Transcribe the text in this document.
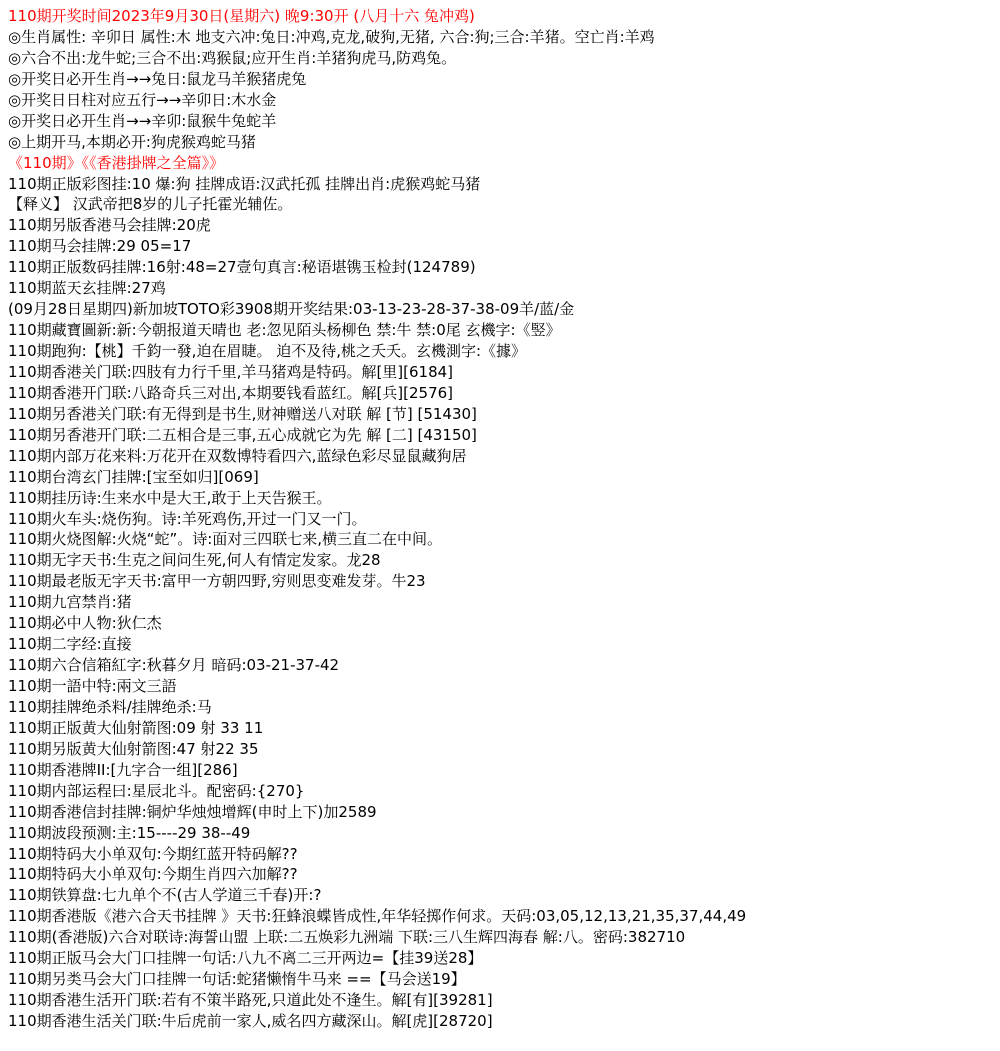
110期开奖时间2023年9月30日(星期六) 晚9:30开 (八月十六 兔冲鸡)
◎生肖属性: 辛卯日 属性:木 地支六冲:兔日:冲鸡,克龙,破狗,无猪, 六合:狗;三合:羊猪。空亡肖:羊鸡
◎六合不出:龙牛蛇;三合不出:鸡猴鼠;应开生肖:羊猪狗虎马,防鸡兔。
◎开奖日必开生肖→→兔日:鼠龙马羊猴猪虎兔
◎开奖日日柱对应五行→→辛卯日:木水金
◎开奖日必开生肖→→辛卯:鼠猴牛兔蛇羊
◎上期开马,本期必开:狗虎猴鸡蛇马猪
《110期》《《香港掛牌之全篇》》
110期正版彩图挂:10 爆:狗 挂牌成语:汉武托孤 挂牌出肖:虎猴鸡蛇马猪
【释义】 汉武帝把8岁的儿子托霍光辅佐。
110期另版香港马会挂牌:20虎
110期马会挂牌:29 05=17
110期正版数码挂牌:16射:48=27壹句真言:秘语堪镌玉检封(124789)
110期蓝天玄挂牌:27鸡
(09月28日星期四)新加坡TOTO彩3908期开奖结果:03-13-23-28-37-38-09羊/蓝/金
110期藏寶圖新:新:今朝报道天晴也 老:忽见陌头杨柳色 禁:牛 禁:0尾 玄機字:《竪》
110期跑狗:【桃】千鈞一發,迫在眉睫。 迫不及待,桃之夭夭。玄機測字:《據》
110期香港关门联:四肢有力行千里,羊马猪鸡是特码。解[里][6184]
110期香港开门联:八路奇兵三对出,本期要钱看蓝红。解[兵][2576]
110期另香港关门联:有无得到是书生,财神赠送八对联 解 [节] [51430]
110期另香港开门联:二五相合是三事,五心成就它为先 解 [二] [43150]
110期内部万花来料:万花开在双数博特看四六,蓝绿色彩尽显鼠藏狗居
110期台湾玄门挂牌:[宝至如归][069]
110期挂历诗:生来水中是大王,敢于上天告猴王。
110期火车头:烧伤狗。诗:羊死鸡伤,开过一门又一门。
110期火烧图解:火烧“蛇”。诗:面对三四联七来,横三直二在中间。
110期无字天书:生克之间问生死,何人有情定发家。龙28
110期最老版无字天书:富甲一方朝四野,穷则思变难发芽。牛23
110期九宫禁肖:猪
110期必中人物:狄仁杰
110期二字经:直接
110期六合信箱紅字:秋暮夕月 暗码:03-21-37-42
110期一語中特:兩文三語
110期挂牌绝杀料/挂牌绝杀:马
110期正版黄大仙射箭图:09 射 33 11
110期另版黄大仙射箭图:47 射22 35
110期香港牌II:[九字合一组][286]
110期内部运程曰:星辰北斗。配密码:{270}
110期香港信封挂牌:铜炉华烛烛增辉(申时上下)加2589
110期波段预测:主:15----29 38--49
110期特码大小单双句:今期红蓝开特码解??
110期特码大小单双句:今期生肖四六加解??
110期铁算盘:七九单个不(古人学道三千春)开:?
110期香港版《港六合天书挂牌 》天书:狂蜂浪蝶皆成性,年华轻掷作何求。天码:03,05,12,13,21,35,37,44,49
110期(香港版)六合对联诗:海誓山盟 上联:二五焕彩九洲端 下联:三八生辉四海春 解:八。密码:382710
110期正版马会大门口挂牌一句话:八九不离二三开两边=【挂39送28】
110期另类马会大门口挂牌一句话:蛇猪懒惰牛马来 ==【马会送19】
110期香港生活开门联:若有不策半路死,只道此处不逢生。解[有][39281]
110期香港生活关门联:牛后虎前一家人,威名四方藏深山。解[虎][28720]
